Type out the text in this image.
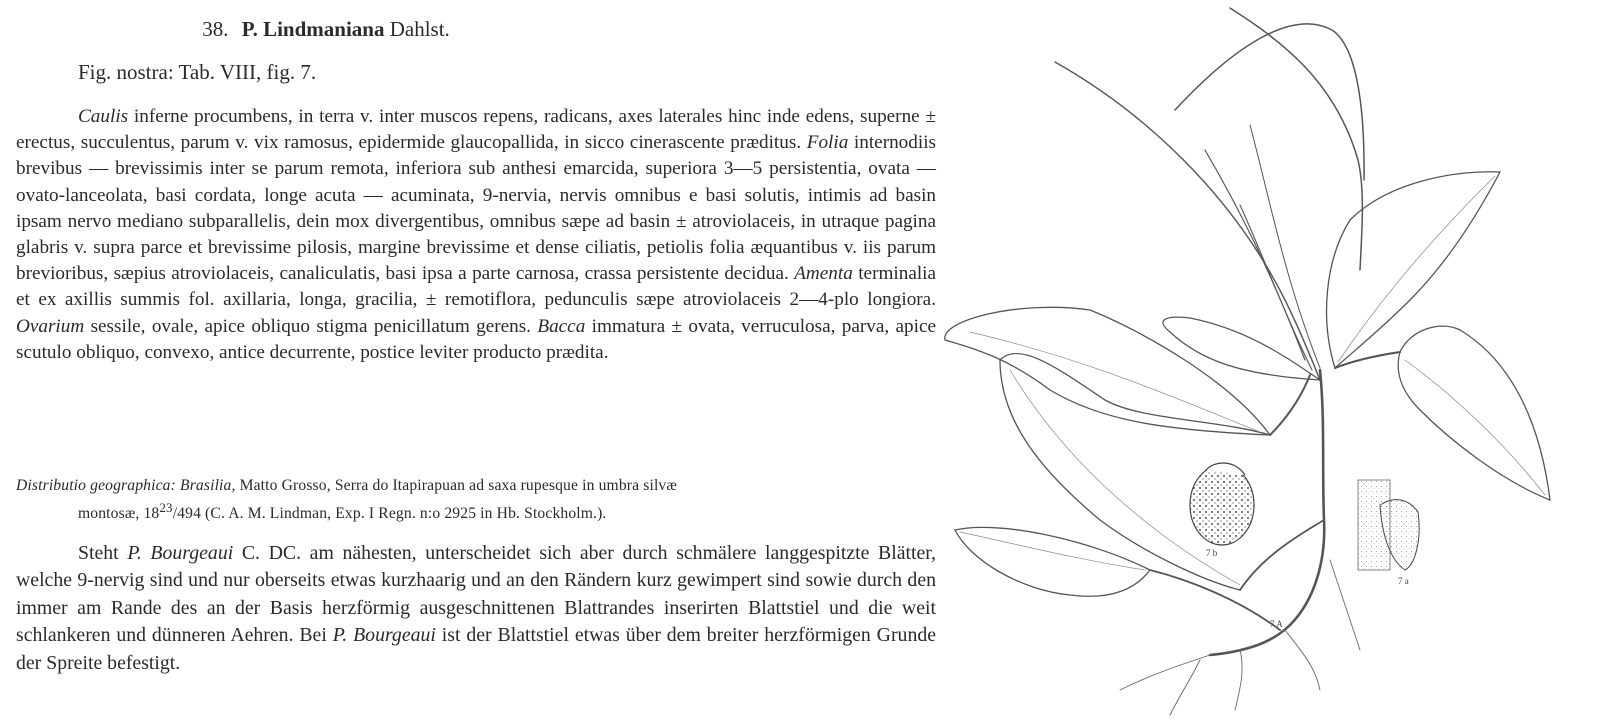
38. P. Lindmaniana Dahlst.
Fig. nostra: Tab. VIII, fig. 7.
Caulis inferne procumbens, in terra v. inter muscos repens, radicans, axes laterales hinc inde edens, superne ± erectus, succulentus, parum v. vix ramosus, epidermide glaucopallida, in sicco cinerascente præditus. Folia internodiis brevibus — brevissimis inter se parum remota, inferiora sub anthesi emarcida, superiora 3—5 persistentia, ovata — ovato-lanceolata, basi cordata, longe acuta — acuminata, 9-nervia, nervis omnibus e basi solutis, intimis ad basin ipsam nervo mediano subparallelis, dein mox divergentibus, omnibus sæpe ad basin ± atroviolaceis, in utraque pagina glabris v. supra parce et brevissime pilosis, margine brevissime et dense ciliatis, petiolis folia æquantibus v. iis parum brevioribus, sæpius atroviolaceis, canaliculatis, basi ipsa a parte carnosa, crassa persistente decidua. Amenta terminalia et ex axillis summis fol. axillaria, longa, gracilia, ± remotiflora, pedunculis sæpe atroviolaceis 2—4-plo longiora. Ovarium sessile, ovale, apice obliquo stigma penicillatum gerens. Bacca immatura ± ovata, verruculosa, parva, apice scutulo obliquo, convexo, antice decurrente, postice leviter producto prædita.
Distributio geographica: Brasilia, Matto Grosso, Serra do Itapirapuan ad saxa rupesque in umbra silvæ
montosæ, $18^{23}/494$ (C. A. M. Lindman, Exp. I Regn. n:o 2925 in Hb. Stockholm.).
Steht P. Bourgeaui C. DC. am nähesten, unterscheidet sich aber durch schmälere langgespitzte Blätter, welche 9-nervig sind und nur oberseits etwas kurzhaarig und an den Rändern kurz gewimpert sind sowie durch den immer am Rande des an der Basis herzförmig ausgeschnittenen Blattrandes inserirten Blattstiel und die weit schlankeren und dünneren Aehren. Bei P. Bourgeaui ist der Blattstiel etwas über dem breiter herzförmigen Grunde der Spreite befestigt.
7 b
7 a
7 A
